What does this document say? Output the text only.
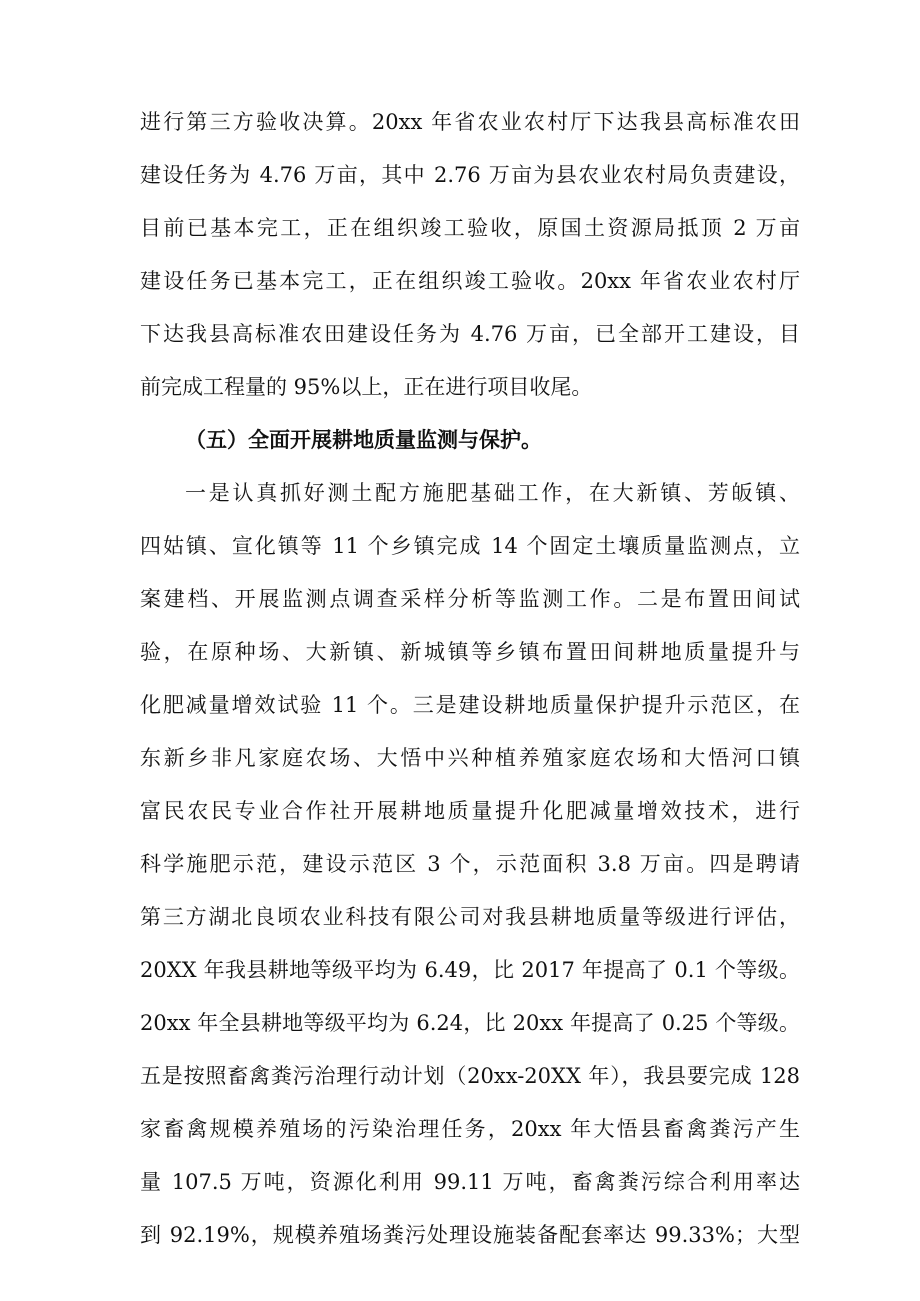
进行第三方验收决算。20xx 年省农业农村厅下达我县高标准农田
建设任务为 4.76 万亩，其中 2.76 万亩为县农业农村局负责建设，
目前已基本完工，正在组织竣工验收，原国土资源局抵顶 2 万亩
建设任务已基本完工，正在组织竣工验收。20xx 年省农业农村厅
下达我县高标准农田建设任务为 4.76 万亩，已全部开工建设，目
前完成工程量的 95%以上，正在进行项目收尾。
（五）全面开展耕地质量监测与保护。
一是认真抓好测土配方施肥基础工作，在大新镇、芳皈镇、
四姑镇、宣化镇等 11 个乡镇完成 14 个固定土壤质量监测点，立
案建档、开展监测点调查采样分析等监测工作。二是布置田间试
验，在原种场、大新镇、新城镇等乡镇布置田间耕地质量提升与
化肥减量增效试验 11 个。三是建设耕地质量保护提升示范区，在
东新乡非凡家庭农场、大悟中兴种植养殖家庭农场和大悟河口镇
富民农民专业合作社开展耕地质量提升化肥减量增效技术，进行
科学施肥示范，建设示范区 3 个，示范面积 3.8 万亩。四是聘请
第三方湖北良顷农业科技有限公司对我县耕地质量等级进行评估，
20XX 年我县耕地等级平均为 6.49，比 2017 年提高了 0.1 个等级。
20xx 年全县耕地等级平均为 6.24，比 20xx 年提高了 0.25 个等级。
五是按照畜禽粪污治理行动计划（20xx-20XX 年），我县要完成 128
家畜禽规模养殖场的污染治理任务，20xx 年大悟县畜禽粪污产生
量 107.5 万吨，资源化利用 99.11 万吨，畜禽粪污综合利用率达
到 92.19%，规模养殖场粪污处理设施装备配套率达 99.33%；大型
